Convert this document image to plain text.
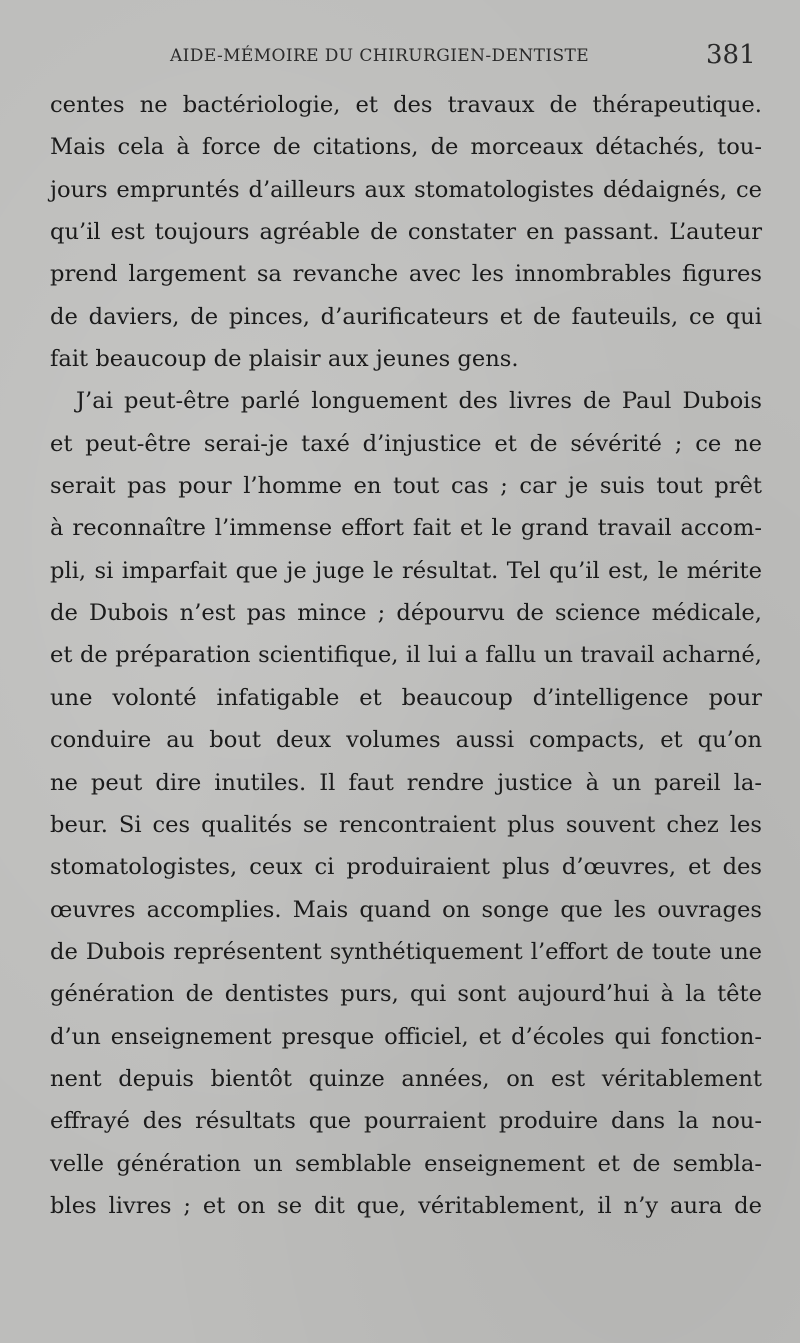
AIDE-MÉMOIRE DU CHIRURGIEN-DENTISTE	381
centes ne bactériologie, et des travaux de thérapeutique.
Mais cela à force de citations, de morceaux détachés, tou-
jours empruntés d’ailleurs aux stomatologistes dédaignés, ce
qu’il est toujours agréable de constater en passant. L’auteur
prend largement sa revanche avec les innombrables figures
de daviers, de pinces, d’aurificateurs et de fauteuils, ce qui
fait beaucoup de plaisir aux jeunes gens.
J’ai peut-être parlé longuement des livres de Paul Dubois
et peut-être serai-je taxé d’injustice et de sévérité ; ce ne
serait pas pour l’homme en tout cas ; car je suis tout prêt
à reconnaître l’immense effort fait et le grand travail accom-
pli, si imparfait que je juge le résultat. Tel qu’il est, le mérite
de Dubois n’est pas mince ; dépourvu de science médicale,
et de préparation scientifique, il lui a fallu un travail acharné,
une volonté infatigable et beaucoup d’intelligence pour
conduire au bout deux volumes aussi compacts, et qu’on
ne peut dire inutiles. Il faut rendre justice à un pareil la-
beur. Si ces qualités se rencontraient plus souvent chez les
stomatologistes, ceux ci produiraient plus d’œuvres, et des
œuvres accomplies. Mais quand on songe que les ouvrages
de Dubois représentent synthétiquement l’effort de toute une
génération de dentistes purs, qui sont aujourd’hui à la tête
d’un enseignement presque officiel, et d’écoles qui fonction-
nent depuis bientôt quinze années, on est véritablement
effrayé des résultats que pourraient produire dans la nou-
velle génération un semblable enseignement et de sembla-
bles livres ; et on se dit que, véritablement, il n’y aura de
